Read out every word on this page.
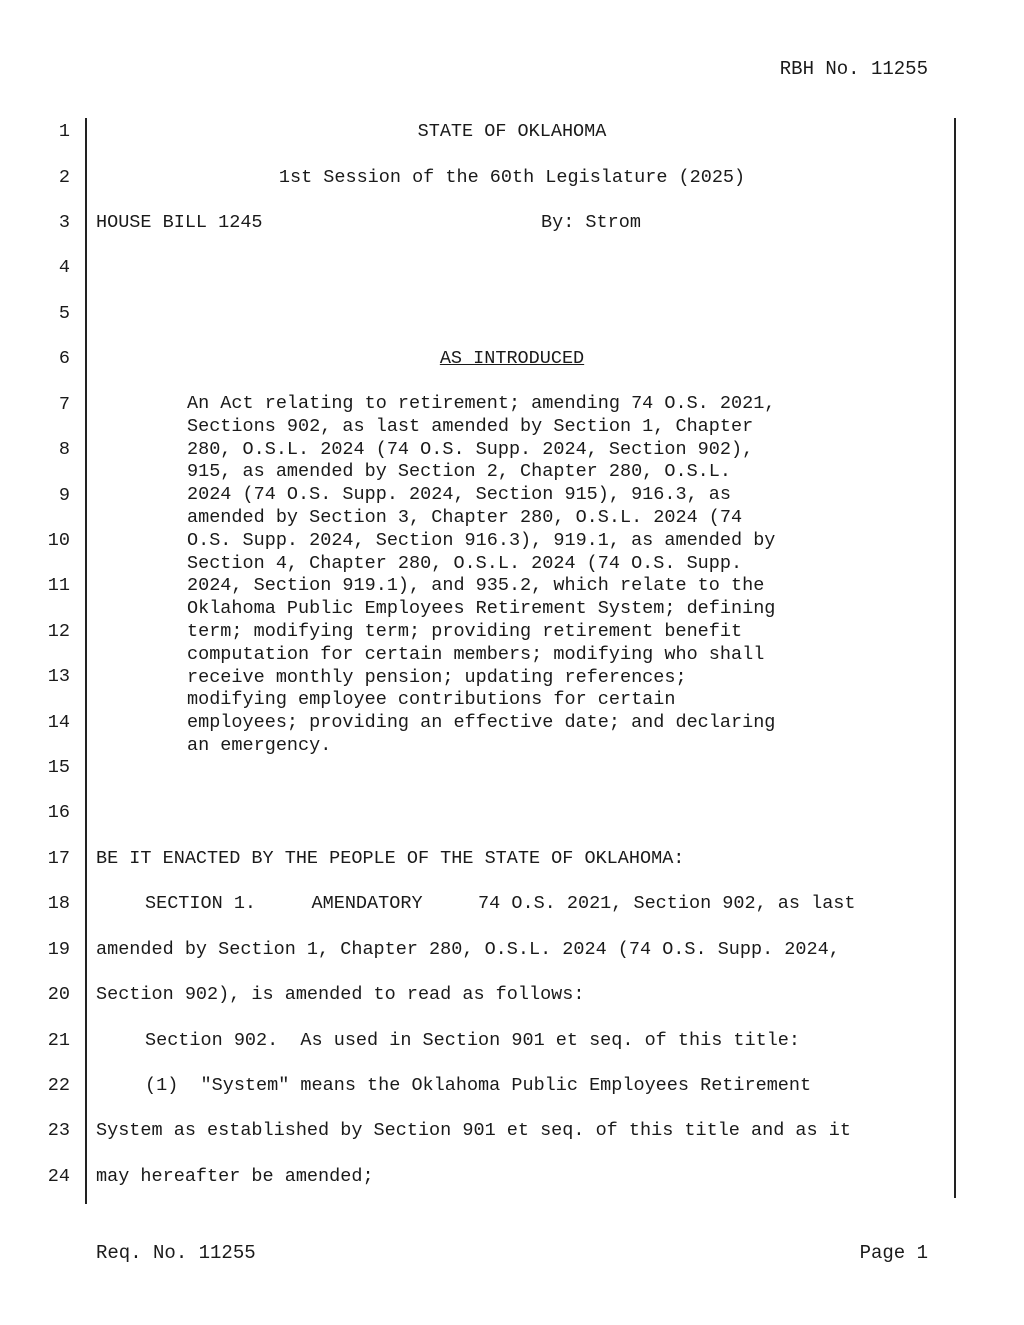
RBH No. 11255
1
2
3
4
5
6
7
8
9
10
11
12
13
14
15
16
17
18
19
20
21
22
23
24
STATE OF OKLAHOMA
1st Session of the 60th Legislature (2025)
HOUSE BILL 1245	By: Strom
AS INTRODUCED
An Act relating to retirement; amending 74 O.S. 2021,
Sections 902, as last amended by Section 1, Chapter
280, O.S.L. 2024 (74 O.S. Supp. 2024, Section 902),
915, as amended by Section 2, Chapter 280, O.S.L.
2024 (74 O.S. Supp. 2024, Section 915), 916.3, as
amended by Section 3, Chapter 280, O.S.L. 2024 (74
O.S. Supp. 2024, Section 916.3), 919.1, as amended by
Section 4, Chapter 280, O.S.L. 2024 (74 O.S. Supp.
2024, Section 919.1), and 935.2, which relate to the
Oklahoma Public Employees Retirement System; defining
term; modifying term; providing retirement benefit
computation for certain members; modifying who shall
receive monthly pension; updating references;
modifying employee contributions for certain
employees; providing an effective date; and declaring
an emergency.
BE IT ENACTED BY THE PEOPLE OF THE STATE OF OKLAHOMA:
SECTION 1.     AMENDATORY     74 O.S. 2021, Section 902, as last
amended by Section 1, Chapter 280, O.S.L. 2024 (74 O.S. Supp. 2024,
Section 902), is amended to read as follows:
Section 902.  As used in Section 901 et seq. of this title:
(1)  "System" means the Oklahoma Public Employees Retirement
System as established by Section 901 et seq. of this title and as it
may hereafter be amended;
Req. No. 11255	Page 1
